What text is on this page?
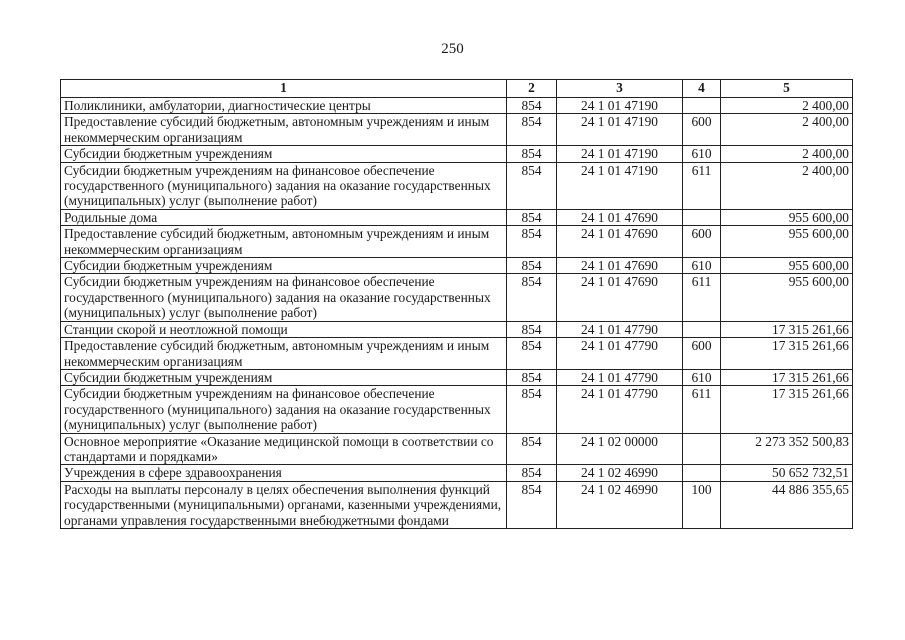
250
1	2	3	4	5
Поликлиники, амбулатории, диагностические центры	854	24 1 01 47190		2 400,00
Предоставление субсидий бюджетным, автономным учреждениям и иным некоммерческим организациям	854	24 1 01 47190	600	2 400,00
Субсидии бюджетным учреждениям	854	24 1 01 47190	610	2 400,00
Субсидии бюджетным учреждениям на финансовое обеспечение государственного (муниципального) задания на оказание государственных (муниципальных) услуг (выполнение работ)	854	24 1 01 47190	611	2 400,00
Родильные дома	854	24 1 01 47690		955 600,00
Предоставление субсидий бюджетным, автономным учреждениям и иным некоммерческим организациям	854	24 1 01 47690	600	955 600,00
Субсидии бюджетным учреждениям	854	24 1 01 47690	610	955 600,00
Субсидии бюджетным учреждениям на финансовое обеспечение государственного (муниципального) задания на оказание государственных (муниципальных) услуг (выполнение работ)	854	24 1 01 47690	611	955 600,00
Станции скорой и неотложной помощи	854	24 1 01 47790		17 315 261,66
Предоставление субсидий бюджетным, автономным учреждениям и иным некоммерческим организациям	854	24 1 01 47790	600	17 315 261,66
Субсидии бюджетным учреждениям	854	24 1 01 47790	610	17 315 261,66
Субсидии бюджетным учреждениям на финансовое обеспечение государственного (муниципального) задания на оказание государственных (муниципальных) услуг (выполнение работ)	854	24 1 01 47790	611	17 315 261,66
Основное мероприятие «Оказание медицинской помощи в соответствии со стандартами и порядками»	854	24 1 02 00000		2 273 352 500,83
Учреждения в сфере здравоохранения	854	24 1 02 46990		50 652 732,51
Расходы на выплаты персоналу в целях обеспечения выполнения функций государственными (муниципальными) органами, казенными учреждениями, органами управления государственными внебюджетными фондами	854	24 1 02 46990	100	44 886 355,65
